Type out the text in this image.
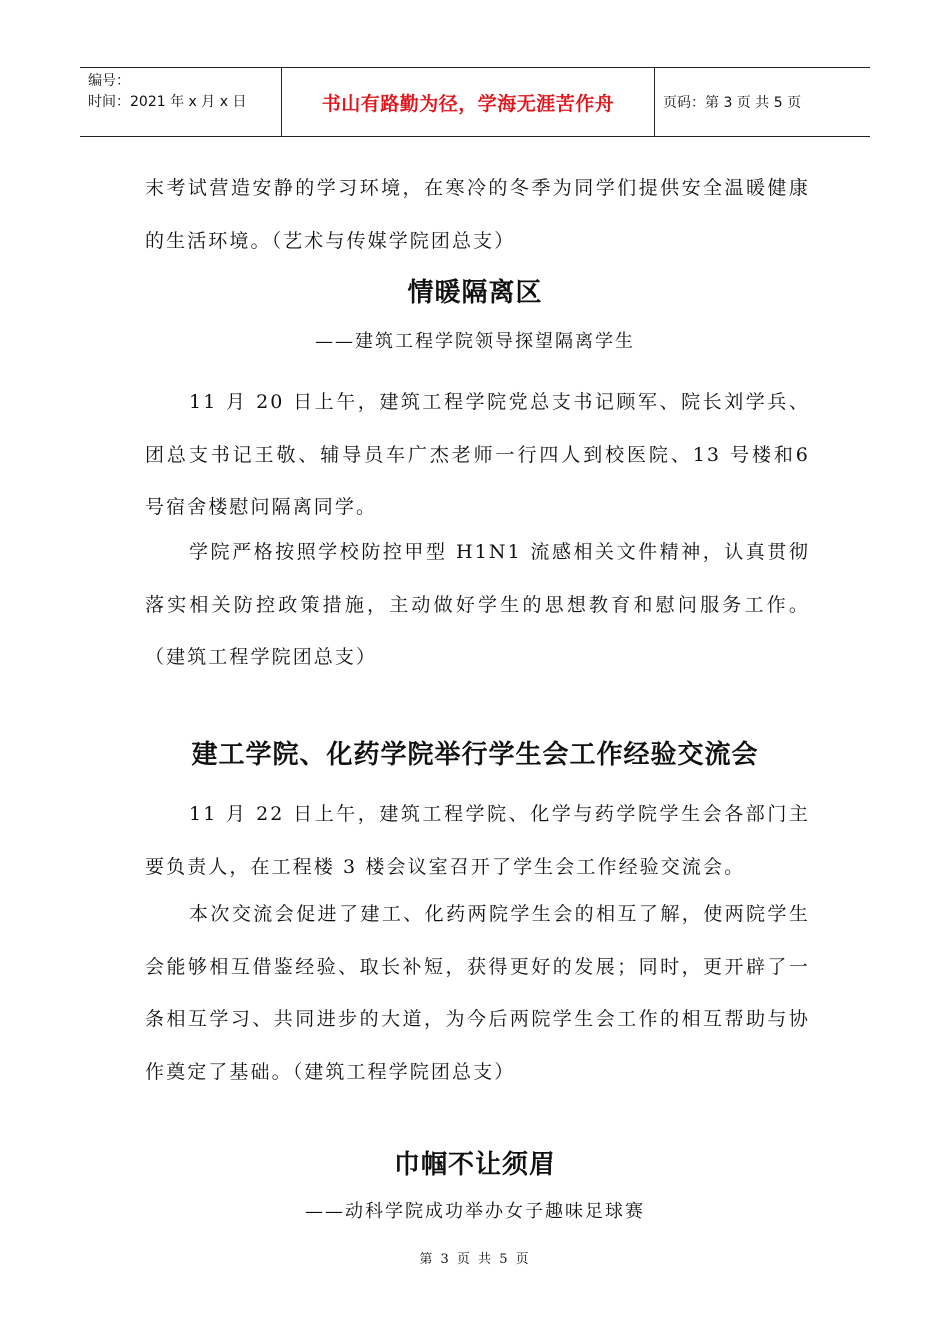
编号：
时间：2021 年 x 月 x 日	书山有路勤为径，学海无涯苦作舟	页码：第 3 页 共 5 页

末考试营造安静的学习环境，在寒冷的冬季为同学们提供安全温暖健康的生活环境。（艺术与传媒学院团总支）

情暖隔离区

——建筑工程学院领导探望隔离学生

11 月 20 日上午，建筑工程学院党总支书记顾军、院长刘学兵、团总支书记王敬、辅导员车广杰老师一行四人到校医院、13 号楼和6 号宿舍楼慰问隔离同学。

学院严格按照学校防控甲型 H1N1 流感相关文件精神，认真贯彻落实相关防控政策措施，主动做好学生的思想教育和慰问服务工作。（建筑工程学院团总支）

建工学院、化药学院举行学生会工作经验交流会

11 月 22 日上午，建筑工程学院、化学与药学院学生会各部门主要负责人，在工程楼 3 楼会议室召开了学生会工作经验交流会。

本次交流会促进了建工、化药两院学生会的相互了解，使两院学生会能够相互借鉴经验、取长补短，获得更好的发展；同时，更开辟了一条相互学习、共同进步的大道，为今后两院学生会工作的相互帮助与协作奠定了基础。（建筑工程学院团总支）

巾帼不让须眉

——动科学院成功举办女子趣味足球赛

第 3 页 共 5 页
